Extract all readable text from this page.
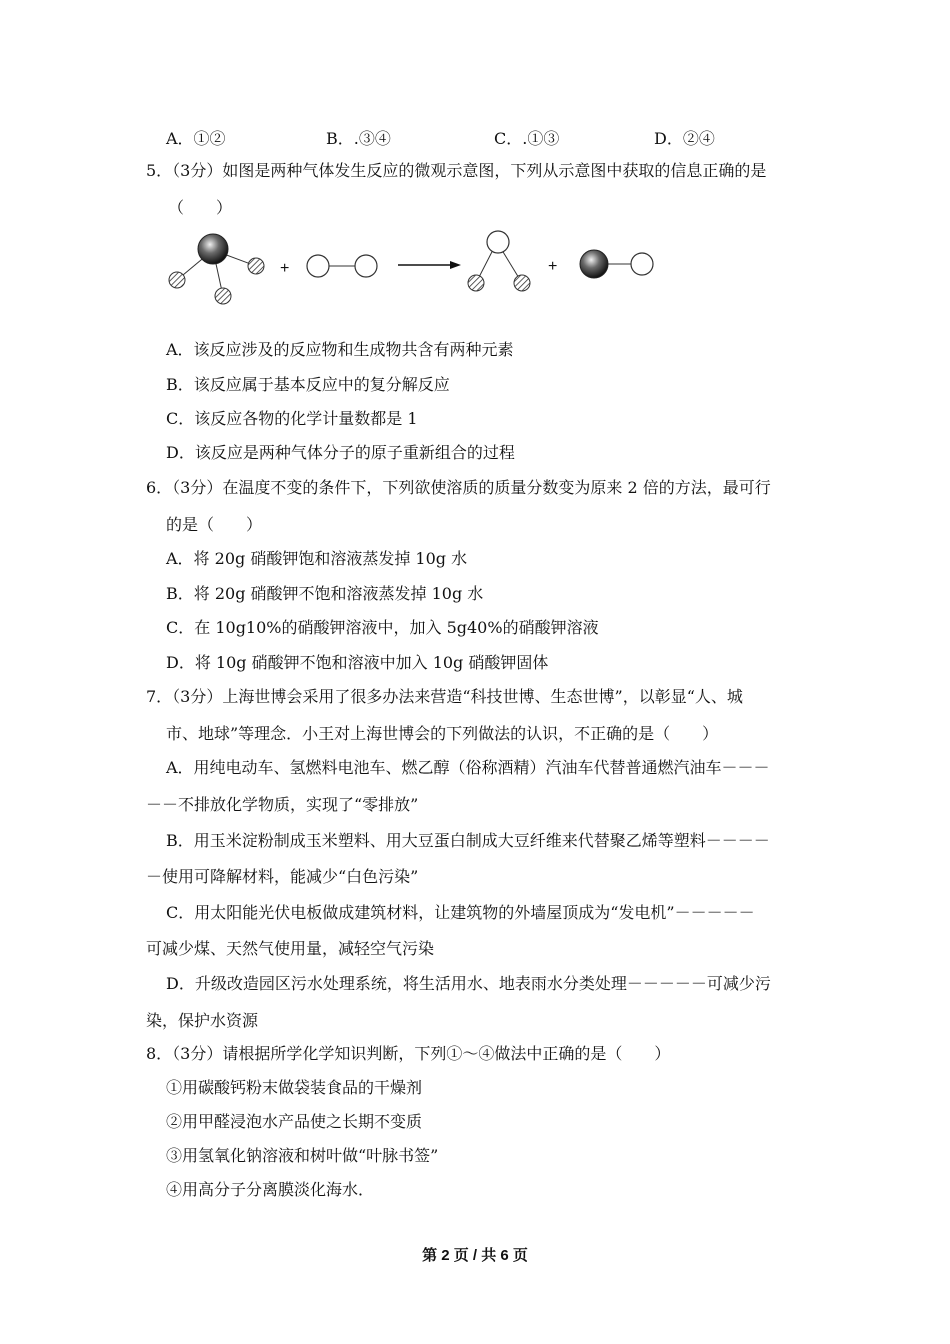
A．①②	B．.③④	C．.①③	D．②④
5．（3分）如图是两种气体发生反应的微观示意图，下列从示意图中获取的信息正确的是
（　　）
+	+
A．该反应涉及的反应物和生成物共含有两种元素
B．该反应属于基本反应中的复分解反应
C．该反应各物的化学计量数都是 1
D．该反应是两种气体分子的原子重新组合的过程
6．（3分）在温度不变的条件下，下列欲使溶质的质量分数变为原来 2 倍的方法，最可行
的是（　　）
A．将 20g 硝酸钾饱和溶液蒸发掉 10g 水
B．将 20g 硝酸钾不饱和溶液蒸发掉 10g 水
C．在 10g10%的硝酸钾溶液中，加入 5g40%的硝酸钾溶液
D．将 10g 硝酸钾不饱和溶液中加入 10g 硝酸钾固体
7．（3分）上海世博会采用了很多办法来营造“科技世博、生态世博”，以彰显“人、城
市、地球”等理念．小王对上海世博会的下列做法的认识，不正确的是（　　）
A．用纯电动车、氢燃料电池车、燃乙醇（俗称酒精）汽油车代替普通燃汽油车－－－
－－不排放化学物质，实现了“零排放”
B．用玉米淀粉制成玉米塑料、用大豆蛋白制成大豆纤维来代替聚乙烯等塑料－－－－
－使用可降解材料，能减少“白色污染”
C．用太阳能光伏电板做成建筑材料，让建筑物的外墙屋顶成为“发电机”－－－－－
可减少煤、天然气使用量，减轻空气污染
D．升级改造园区污水处理系统，将生活用水、地表雨水分类处理－－－－－可减少污
染，保护水资源
8．（3分）请根据所学化学知识判断，下列①～④做法中正确的是（　　）
①用碳酸钙粉末做袋装食品的干燥剂
②用甲醛浸泡水产品使之长期不变质
③用氢氧化钠溶液和树叶做“叶脉书签”
④用高分子分离膜淡化海水．
第 2 页 / 共 6 页
